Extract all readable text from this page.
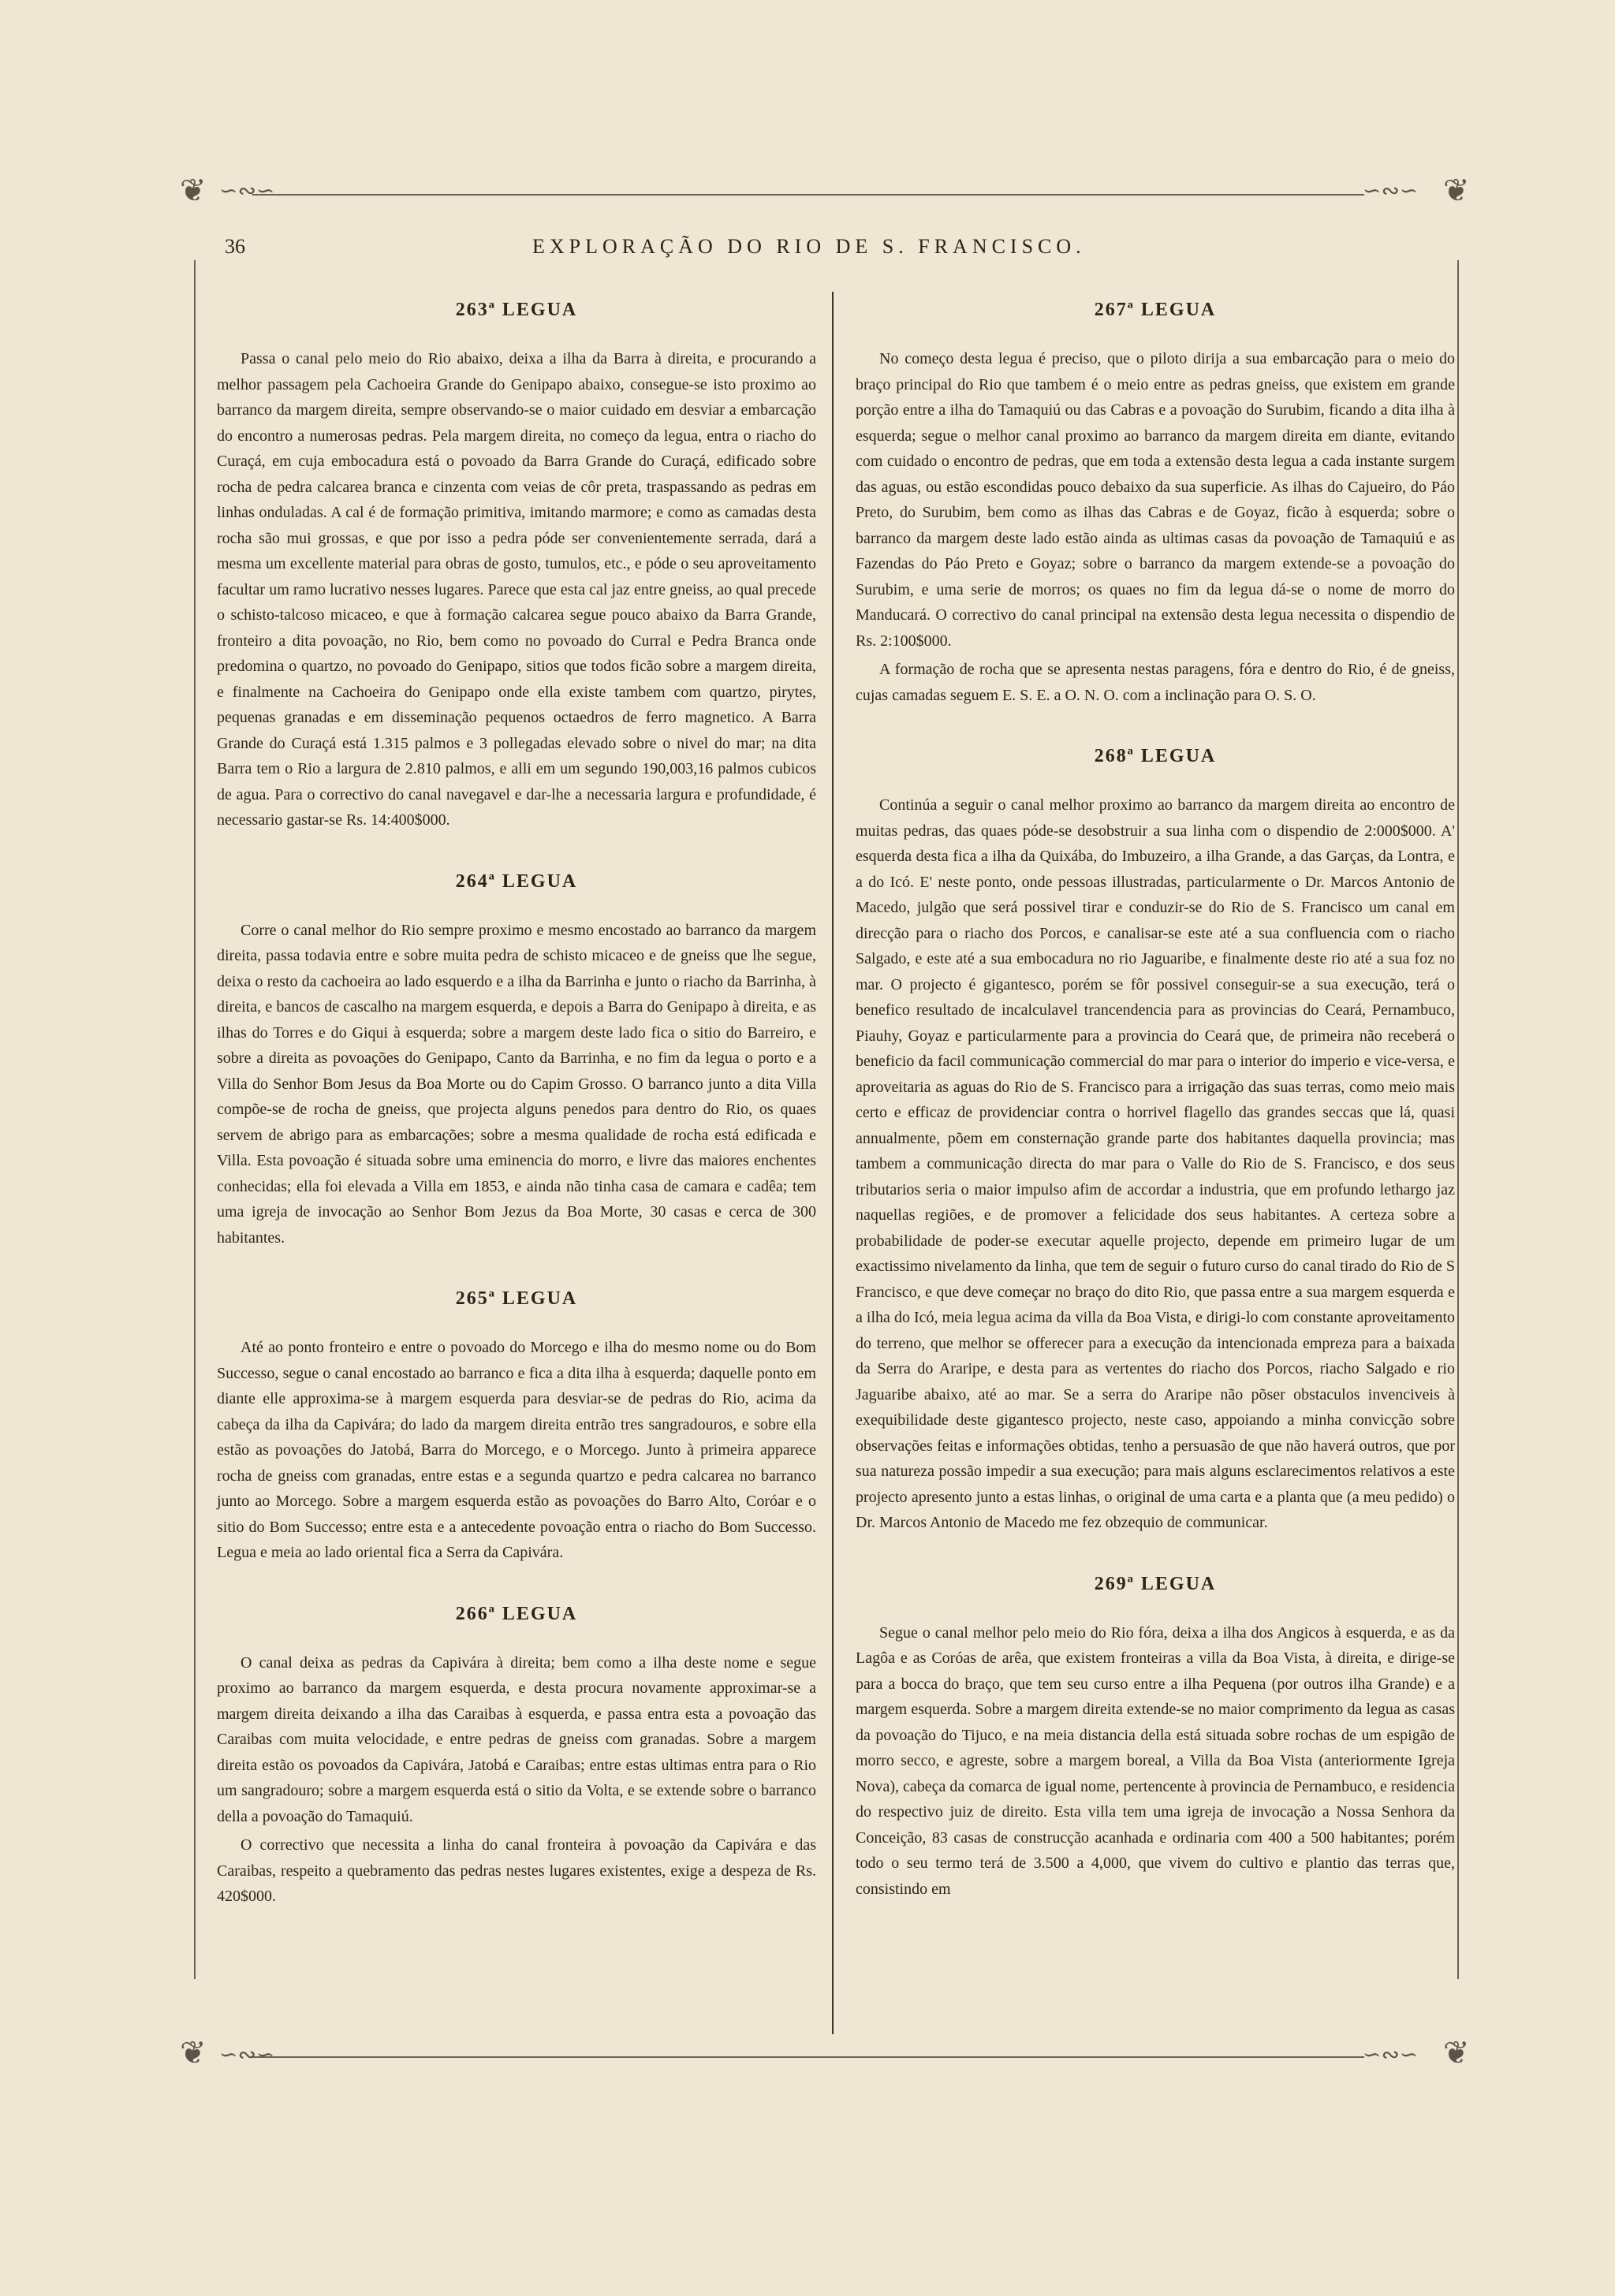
❦ ∽∾∽	❦
∽∾∽
❦ ∽∾∽	❦
∽∾∽
36	EXPLORAÇÃO DO RIO DE S. FRANCISCO.
263ª LEGUA

Passa o canal pelo meio do Rio abaixo, deixa a ilha da Barra à direita, e procurando a melhor passagem pela Cachoeira Grande do Genipapo abaixo, consegue-se isto proximo ao barranco da margem direita, sempre observando-se o maior cuidado em desviar a embarcação do encontro a numerosas pedras. Pela margem direita, no começo da legua, entra o riacho do Curaçá, em cuja embocadura está o povoado da Barra Grande do Curaçá, edificado sobre rocha de pedra calcarea branca e cinzenta com veias de côr preta, traspassando as pedras em linhas onduladas. A cal é de formação primitiva, imitando marmore; e como as camadas desta rocha são mui grossas, e que por isso a pedra póde ser convenientemente serrada, dará a mesma um excellente material para obras de gosto, tumulos, etc., e póde o seu aproveitamento facultar um ramo lucrativo nesses lugares. Parece que esta cal jaz entre gneiss, ao qual precede o schisto-talcoso micaceo, e que à formação calcarea segue pouco abaixo da Barra Grande, fronteiro a dita povoação, no Rio, bem como no povoado do Curral e Pedra Branca onde predomina o quartzo, no povoado do Genipapo, sitios que todos ficão sobre a margem direita, e finalmente na Cachoeira do Genipapo onde ella existe tambem com quartzo, pirytes, pequenas granadas e em disseminação pequenos octaedros de ferro magnetico. A Barra Grande do Curaçá está 1.315 palmos e 3 pollegadas elevado sobre o nivel do mar; na dita Barra tem o Rio a largura de 2.810 palmos, e alli em um segundo 190,003,16 palmos cubicos de agua. Para o correctivo do canal navegavel e dar-lhe a necessaria largura e profundidade, é necessario gastar-se Rs. 14:400$000.

264ª LEGUA

Corre o canal melhor do Rio sempre proximo e mesmo encostado ao barranco da margem direita, passa todavia entre e sobre muita pedra de schisto micaceo e de gneiss que lhe segue, deixa o resto da cachoeira ao lado esquerdo e a ilha da Barrinha e junto o riacho da Barrinha, à direita, e bancos de cascalho na margem esquerda, e depois a Barra do Genipapo à direita, e as ilhas do Torres e do Giqui à esquerda; sobre a margem deste lado fica o sitio do Barreiro, e sobre a direita as povoações do Genipapo, Canto da Barrinha, e no fim da legua o porto e a Villa do Senhor Bom Jesus da Boa Morte ou do Capim Grosso. O barranco junto a dita Villa compõe-se de rocha de gneiss, que projecta alguns penedos para dentro do Rio, os quaes servem de abrigo para as embarcações; sobre a mesma qualidade de rocha está edificada e Villa. Esta povoação é situada sobre uma eminencia do morro, e livre das maiores enchentes conhecidas; ella foi elevada a Villa em 1853, e ainda não tinha casa de camara e cadêa; tem uma igreja de invocação ao Senhor Bom Jezus da Boa Morte, 30 casas e cerca de 300 habitantes.

265ª LEGUA

Até ao ponto fronteiro e entre o povoado do Morcego e ilha do mesmo nome ou do Bom Successo, segue o canal encostado ao barranco e fica a dita ilha à esquerda; daquelle ponto em diante elle approxima-se à margem esquerda para desviar-se de pedras do Rio, acima da cabeça da ilha da Capivára; do lado da margem direita entrão tres sangradouros, e sobre ella estão as povoações do Jatobá, Barra do Morcego, e o Morcego. Junto à primeira apparece rocha de gneiss com granadas, entre estas e a segunda quartzo e pedra calcarea no barranco junto ao Morcego. Sobre a margem esquerda estão as povoações do Barro Alto, Coróar e o sitio do Bom Successo; entre esta e a antecedente povoação entra o riacho do Bom Successo. Legua e meia ao lado oriental fica a Serra da Capivára.

266ª LEGUA

O canal deixa as pedras da Capivára à direita; bem como a ilha deste nome e segue proximo ao barranco da margem esquerda, e desta procura novamente approximar-se a margem direita deixando a ilha das Caraibas à esquerda, e passa entra esta a povoação das Caraibas com muita velocidade, e entre pedras de gneiss com granadas. Sobre a margem direita estão os povoados da Capivára, Jatobá e Caraibas; entre estas ultimas entra para o Rio um sangradouro; sobre a margem esquerda está o sitio da Volta, e se extende sobre o barranco della a povoação do Tamaquiú.

O correctivo que necessita a linha do canal fronteira à povoação da Capivára e das Caraibas, respeito a quebramento das pedras nestes lugares existentes, exige a despeza de Rs. 420$000.

267ª LEGUA

No começo desta legua é preciso, que o piloto dirija a sua embarcação para o meio do braço principal do Rio que tambem é o meio entre as pedras gneiss, que existem em grande porção entre a ilha do Tamaquiú ou das Cabras e a povoação do Surubim, ficando a dita ilha à esquerda; segue o melhor canal proximo ao barranco da margem direita em diante, evitando com cuidado o encontro de pedras, que em toda a extensão desta legua a cada instante surgem das aguas, ou estão escondidas pouco debaixo da sua superficie. As ilhas do Cajueiro, do Páo Preto, do Surubim, bem como as ilhas das Cabras e de Goyaz, ficão à esquerda; sobre o barranco da margem deste lado estão ainda as ultimas casas da povoação de Tamaquiú e as Fazendas do Páo Preto e Goyaz; sobre o barranco da margem extende-se a povoação do Surubim, e uma serie de morros; os quaes no fim da legua dá-se o nome de morro do Manducará. O correctivo do canal principal na extensão desta legua necessita o dispendio de Rs. 2:100$000.

A formação de rocha que se apresenta nestas paragens, fóra e dentro do Rio, é de gneiss, cujas camadas seguem E. S. E. a O. N. O. com a inclinação para O. S. O.

268ª LEGUA

Continúa a seguir o canal melhor proximo ao barranco da margem direita ao encontro de muitas pedras, das quaes póde-se desobstruir a sua linha com o dispendio de 2:000$000. A' esquerda desta fica a ilha da Quixába, do Imbuzeiro, a ilha Grande, a das Garças, da Lontra, e a do Icó. E' neste ponto, onde pessoas illustradas, particularmente o Dr. Marcos Antonio de Macedo, julgão que será possivel tirar e conduzir-se do Rio de S. Francisco um canal em direcção para o riacho dos Porcos, e canalisar-se este até a sua confluencia com o riacho Salgado, e este até a sua embocadura no rio Jaguaribe, e finalmente deste rio até a sua foz no mar. O projecto é gigantesco, porém se fôr possivel conseguir-se a sua execução, terá o benefico resultado de incalculavel trancendencia para as provincias do Ceará, Pernambuco, Piauhy, Goyaz e particularmente para a provincia do Ceará que, de primeira não receberá o beneficio da facil communicação commercial do mar para o interior do imperio e vice-versa, e aproveitaria as aguas do Rio de S. Francisco para a irrigação das suas terras, como meio mais certo e efficaz de providenciar contra o horrivel flagello das grandes seccas que lá, quasi annualmente, põem em consternação grande parte dos habitantes daquella provincia; mas tambem a communicação directa do mar para o Valle do Rio de S. Francisco, e dos seus tributarios seria o maior impulso afim de accordar a industria, que em profundo lethargo jaz naquellas regiões, e de promover a felicidade dos seus habitantes. A certeza sobre a probabilidade de poder-se executar aquelle projecto, depende em primeiro lugar de um exactissimo nivelamento da linha, que tem de seguir o futuro curso do canal tirado do Rio de S Francisco, e que deve começar no braço do dito Rio, que passa entre a sua margem esquerda e a ilha do Icó, meia legua acima da villa da Boa Vista, e dirigi-lo com constante aproveitamento do terreno, que melhor se offerecer para a execução da intencionada empreza para a baixada da Serra do Araripe, e desta para as vertentes do riacho dos Porcos, riacho Salgado e rio Jaguaribe abaixo, até ao mar. Se a serra do Araripe não põser obstaculos invenciveis à exequibilidade deste gigantesco projecto, neste caso, appoiando a minha convicção sobre observações feitas e informações obtidas, tenho a persuasão de que não haverá outros, que por sua natureza possão impedir a sua execução; para mais alguns esclarecimentos relativos a este projecto apresento junto a estas linhas, o original de uma carta e a planta que (a meu pedido) o Dr. Marcos Antonio de Macedo me fez obzequio de communicar.

269ª LEGUA

Segue o canal melhor pelo meio do Rio fóra, deixa a ilha dos Angicos à esquerda, e as da Lagôa e as Coróas de arêa, que existem fronteiras a villa da Boa Vista, à direita, e dirige-se para a bocca do braço, que tem seu curso entre a ilha Pequena (por outros ilha Grande) e a margem esquerda. Sobre a margem direita extende-se no maior comprimento da legua as casas da povoação do Tijuco, e na meia distancia della está situada sobre rochas de um espigão de morro secco, e agreste, sobre a margem boreal, a Villa da Boa Vista (anteriormente Igreja Nova), cabeça da comarca de igual nome, pertencente à provincia de Pernambuco, e residencia do respectivo juiz de direito. Esta villa tem uma igreja de invocação a Nossa Senhora da Conceição, 83 casas de construcção acanhada e ordinaria com 400 a 500 habitantes; porém todo o seu termo terá de 3.500 a 4,000, que vivem do cultivo e plantio das terras que, consistindo em
